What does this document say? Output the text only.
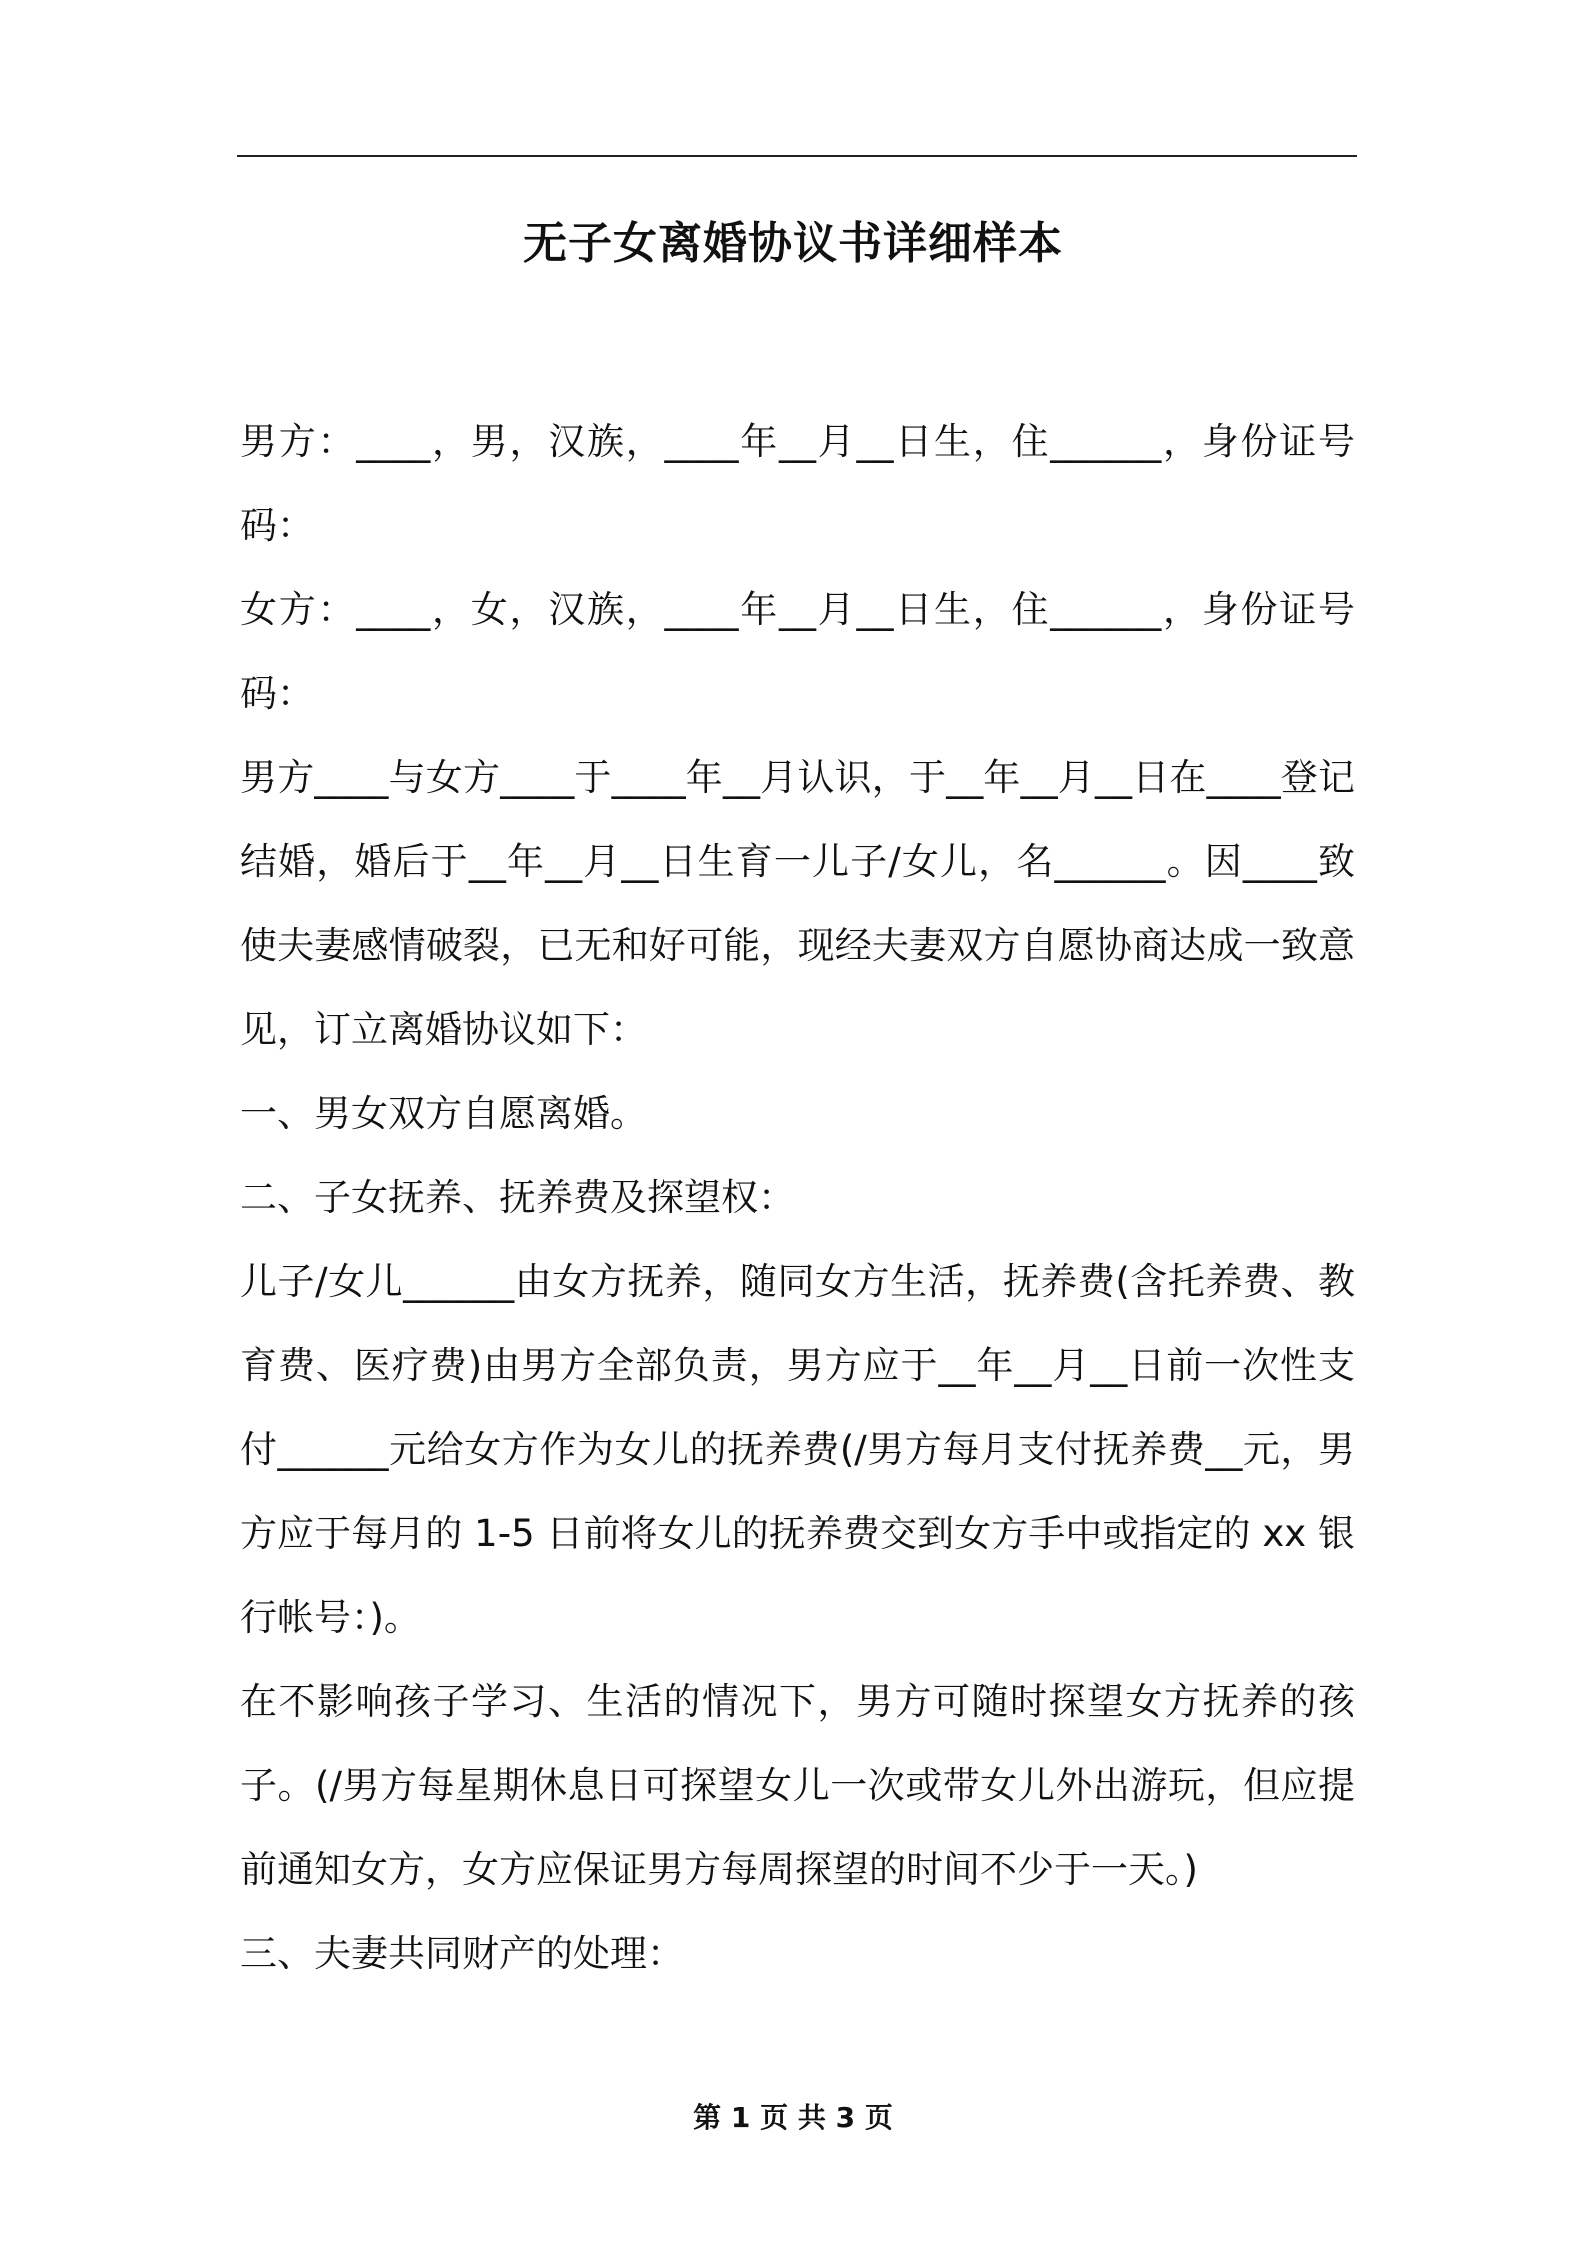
无子女离婚协议书详细样本

男方：____，男，汉族，____年__月__日生，住______，身份证号码：

女方：____，女，汉族，____年__月__日生，住______，身份证号码：

男方____与女方____于____年__月认识，于__年__月__日在____登记结婚，婚后于__年__月__日生育一儿子/女儿，名______。因____致使夫妻感情破裂，已无和好可能，现经夫妻双方自愿协商达成一致意见，订立离婚协议如下：

一、男女双方自愿离婚。

二、子女抚养、抚养费及探望权：

儿子/女儿______由女方抚养，随同女方生活，抚养费(含托养费、教育费、医疗费)由男方全部负责，男方应于__年__月__日前一次性支付______元给女方作为女儿的抚养费(/男方每月支付抚养费__元，男方应于每月的 1-5 日前将女儿的抚养费交到女方手中或指定的 xx 银行帐号：)。

在不影响孩子学习、生活的情况下，男方可随时探望女方抚养的孩子。(/男方每星期休息日可探望女儿一次或带女儿外出游玩，但应提前通知女方，女方应保证男方每周探望的时间不少于一天。)

三、夫妻共同财产的处理：

第 1 页 共 3 页
